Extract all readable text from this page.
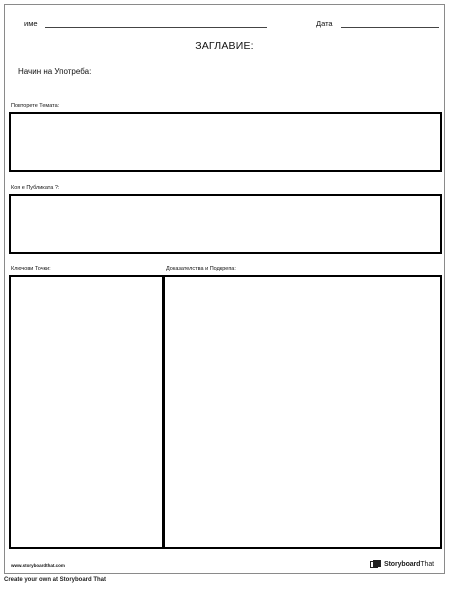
име	Дата
ЗАГЛАВИЕ:
Начин на Употреба:
Повторете Темата:
Коя е Публиката ?:
Ключови Точки:	Доказателства и Подкрепа:
www.storyboardthat.com	StoryboardThat
Create your own at Storyboard That
